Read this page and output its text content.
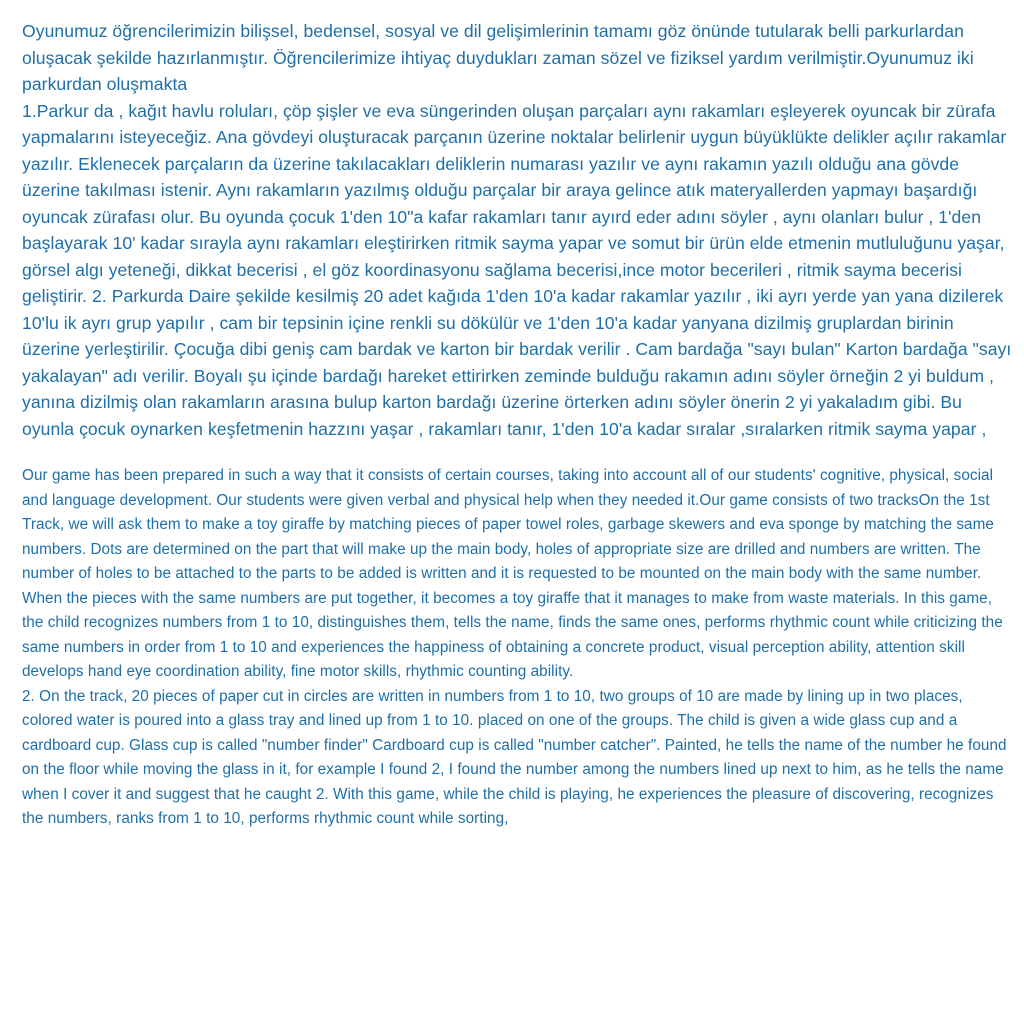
Oyunumuz öğrencilerimizin bilişsel, bedensel, sosyal ve dil gelişimlerinin tamamı göz önünde tutularak belli parkurlardan oluşacak şekilde hazırlanmıştır. Öğrencilerimize ihtiyaç duydukları zaman sözel ve fiziksel yardım verilmiştir.Oyunumuz iki parkurdan oluşmakta

1.Parkur da , kağıt havlu roluları, çöp şişler ve eva süngerinden oluşan parçaları aynı rakamları eşleyerek oyuncak bir zürafa yapmalarını isteyeceğiz. Ana gövdeyi oluşturacak parçanın üzerine noktalar belirlenir uygun büyüklükte delikler açılır rakamlar yazılır. Eklenecek parçaların da üzerine takılacakları deliklerin numarası yazılır ve aynı rakamın yazılı olduğu ana gövde üzerine takılması istenir. Aynı rakamların yazılmış olduğu parçalar bir araya gelince atık materyallerden yapmayı başardığı oyuncak zürafası olur. Bu oyunda çocuk 1'den 10"a kafar rakamları tanır ayırd eder adını söyler , aynı olanları bulur , 1'den başlayarak 10' kadar sırayla aynı rakamları eleştirirken ritmik sayma yapar ve somut bir ürün elde etmenin mutluluğunu yaşar, görsel algı yeteneği, dikkat becerisi , el göz koordinasyonu sağlama becerisi,ince motor becerileri , ritmik sayma becerisi geliştirir. 2. Parkurda Daire şekilde kesilmiş 20 adet kağıda 1'den 10'a kadar rakamlar yazılır , iki ayrı yerde yan yana dizilerek 10'lu ik ayrı grup yapılır , cam bir tepsinin içine renkli su dökülür ve 1'den 10'a kadar yanyana dizilmiş gruplardan birinin üzerine yerleştirilir. Çocuğa dibi geniş cam bardak ve karton bir bardak verilir . Cam bardağa "sayı bulan" Karton bardağa "sayı yakalayan" adı verilir. Boyalı şu içinde bardağı hareket ettirirken zeminde bulduğu rakamın adını söyler örneğin 2 yi buldum , yanına dizilmiş olan rakamların arasına bulup karton bardağı üzerine örterken adını söyler önerin 2 yi yakaladım gibi. Bu oyunla çocuk oynarken keşfetmenin hazzını yaşar , rakamları tanır, 1'den 10'a kadar sıralar ,sıralarken ritmik sayma yapar ,

Our game has been prepared in such a way that it consists of certain courses, taking into account all of our students' cognitive, physical, social and language development. Our students were given verbal and physical help when they needed it.Our game consists of two tracksOn the 1st Track, we will ask them to make a toy giraffe by matching pieces of paper towel roles, garbage skewers and eva sponge by matching the same numbers. Dots are determined on the part that will make up the main body, holes of appropriate size are drilled and numbers are written. The number of holes to be attached to the parts to be added is written and it is requested to be mounted on the main body with the same number. When the pieces with the same numbers are put together, it becomes a toy giraffe that it manages to make from waste materials. In this game, the child recognizes numbers from 1 to 10, distinguishes them, tells the name, finds the same ones, performs rhythmic count while criticizing the same numbers in order from 1 to 10 and experiences the happiness of obtaining a concrete product, visual perception ability, attention skill develops hand eye coordination ability, fine motor skills, rhythmic counting ability.

2. On the track, 20 pieces of paper cut in circles are written in numbers from 1 to 10, two groups of 10 are made by lining up in two places, colored water is poured into a glass tray and lined up from 1 to 10. placed on one of the groups. The child is given a wide glass cup and a cardboard cup. Glass cup is called "number finder" Cardboard cup is called "number catcher". Painted, he tells the name of the number he found on the floor while moving the glass in it, for example I found 2, I found the number among the numbers lined up next to him, as he tells the name when I cover it and suggest that he caught 2. With this game, while the child is playing, he experiences the pleasure of discovering, recognizes the numbers, ranks from 1 to 10, performs rhythmic count while sorting,
